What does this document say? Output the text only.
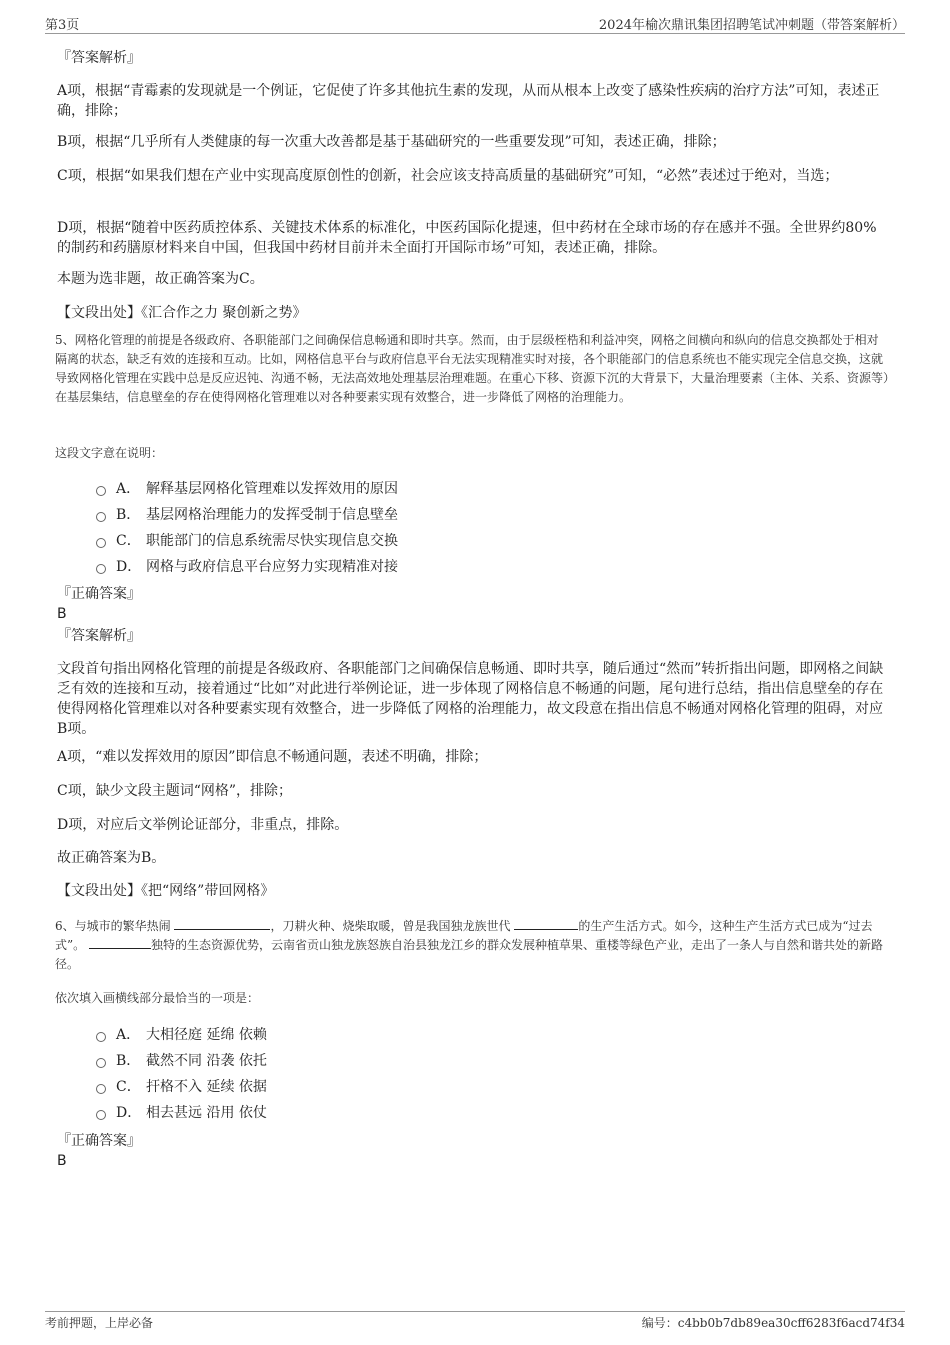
第3页	2024年榆次鼎讯集团招聘笔试冲刺题（带答案解析）
『答案解析』
A项，根据“青霉素的发现就是一个例证，它促使了许多其他抗生素的发现，从而从根本上改变了感染性疾病的治疗方法”可知，表述正确，排除；
B项，根据“几乎所有人类健康的每一次重大改善都是基于基础研究的一些重要发现”可知，表述正确，排除；
C项，根据“如果我们想在产业中实现高度原创性的创新，社会应该支持高质量的基础研究”可知，“必然”表述过于绝对，当选；
D项，根据“随着中医药质控体系、关键技术体系的标准化，中医药国际化提速，但中药材在全球市场的存在感并不强。全世界约80%的制药和药膳原材料来自中国，但我国中药材目前并未全面打开国际市场”可知，表述正确，排除。
本题为选非题，故正确答案为C。
【文段出处】《汇合作之力 聚创新之势》
5、网格化管理的前提是各级政府、各职能部门之间确保信息畅通和即时共享。然而，由于层级桎梏和利益冲突，网格之间横向和纵向的信息交换都处于相对隔离的状态，缺乏有效的连接和互动。比如，网格信息平台与政府信息平台无法实现精准实时对接，各个职能部门的信息系统也不能实现完全信息交换，这就导致网格化管理在实践中总是反应迟钝、沟通不畅，无法高效地处理基层治理难题。在重心下移、资源下沉的大背景下，大量治理要素（主体、关系、资源等）在基层集结，信息壁垒的存在使得网格化管理难以对各种要素实现有效整合，进一步降低了网格的治理能力。
这段文字意在说明：
A． 解释基层网格化管理难以发挥效用的原因
B． 基层网格治理能力的发挥受制于信息壁垒
C． 职能部门的信息系统需尽快实现信息交换
D． 网格与政府信息平台应努力实现精准对接
『正确答案』
B
『答案解析』
文段首句指出网格化管理的前提是各级政府、各职能部门之间确保信息畅通、即时共享，随后通过“然而”转折指出问题，即网格之间缺乏有效的连接和互动，接着通过“比如”对此进行举例论证，进一步体现了网格信息不畅通的问题，尾句进行总结，指出信息壁垒的存在使得网格化管理难以对各种要素实现有效整合，进一步降低了网格的治理能力，故文段意在指出信息不畅通对网格化管理的阻碍，对应B项。
A项，“难以发挥效用的原因”即信息不畅通问题，表述不明确，排除；
C项，缺少文段主题词“网格”，排除；
D项，对应后文举例论证部分，非重点，排除。
故正确答案为B。
【文段出处】《把“网络”带回网格》
6、与城市的繁华热闹	，刀耕火种、烧柴取暖，曾是我国独龙族世代	的生产生活方式。如今，这种生产生活方式已成为“过去式”。	独特的生态资源优势，云南省贡山独龙族怒族自治县独龙江乡的群众发展种植草果、重楼等绿色产业，走出了一条人与自然和谐共处的新路径。
依次填入画横线部分最恰当的一项是：
A． 大相径庭 延绵 依赖
B． 截然不同 沿袭 依托
C． 扞格不入 延续 依据
D． 相去甚远 沿用 依仗
『正确答案』
B
考前押题，上岸必备	编号：c4bb0b7db89ea30cff6283f6acd74f34
